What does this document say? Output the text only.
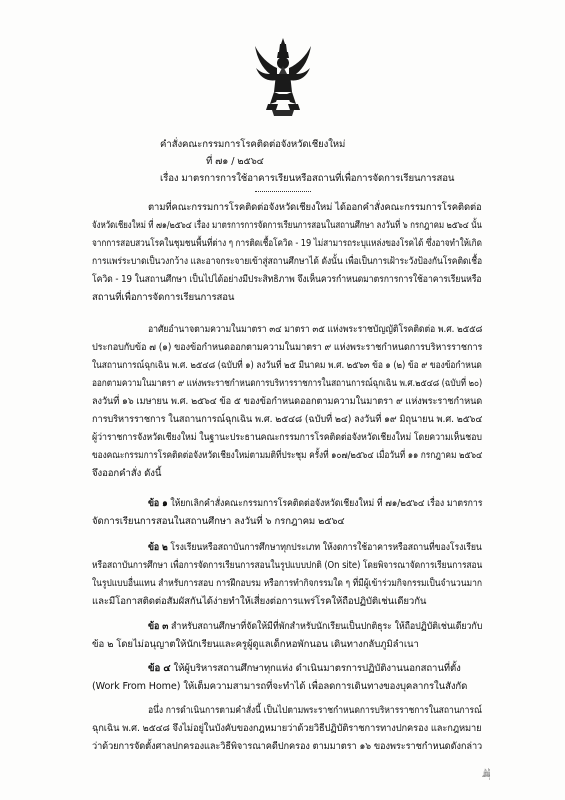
คำสั่งคณะกรรมการโรคติดต่อจังหวัดเชียงใหม่
ที่ ๗๑ / ๒๕๖๔
เรื่อง มาตรการการใช้อาคารเรียนหรือสถานที่เพื่อการจัดการเรียนการสอน
ตามที่คณะกรรมการโรคติดต่อจังหวัดเชียงใหม่ ได้ออกคำสั่งคณะกรรมการโรคติดต่อ
จังหวัดเชียงใหม่ ที่ ๗๑/๒๕๖๔ เรื่อง มาตรการการจัดการเรียนการสอนในสถานศึกษา ลงวันที่ ๖ กรกฎาคม ๒๕๖๔ นั้น
จากการสอบสวนโรคในชุมชนพื้นที่ต่าง ๆ การติดเชื้อโควิด - 19 ไม่สามารถระบุแหล่งของโรคได้ ซึ่งอาจทำให้เกิด
การแพร่ระบาดเป็นวงกว้าง และอาจกระจายเข้าสู่สถานศึกษาได้ ดังนั้น เพื่อเป็นการเฝ้าระวังป้องกันโรคติดเชื้อ
โควิด - 19 ในสถานศึกษา เป็นไปได้อย่างมีประสิทธิภาพ จึงเห็นควรกำหนดมาตรการการใช้อาคารเรียนหรือ
สถานที่เพื่อการจัดการเรียนการสอน
อาศัยอำนาจตามความในมาตรา ๓๔ มาตรา ๓๕ แห่งพระราชบัญญัติโรคติดต่อ พ.ศ. ๒๕๕๘
ประกอบกับข้อ ๗ (๑) ของข้อกำหนดออกตามความในมาตรา ๙ แห่งพระราชกำหนดการบริหารราชการ
ในสถานการณ์ฉุกเฉิน พ.ศ. ๒๕๔๘ (ฉบับที่ ๑) ลงวันที่ ๒๕ มีนาคม พ.ศ. ๒๕๖๓ ข้อ ๑ (๒) ข้อ ๙ ของข้อกำหนด
ออกตามความในมาตรา ๙ แห่งพระราชกำหนดการบริหารราชการในสถานการณ์ฉุกเฉิน พ.ศ.๒๕๔๘ (ฉบับที่ ๒๐)
ลงวันที่ ๑๖ เมษายน พ.ศ. ๒๕๖๔ ข้อ ๕ ของข้อกำหนดออกตามความในมาตรา ๙ แห่งพระราชกำหนด
การบริหารราชการ ในสถานการณ์ฉุกเฉิน พ.ศ. ๒๕๔๘ (ฉบับที่ ๒๔) ลงวันที่ ๑๙ มิถุนายน พ.ศ. ๒๕๖๔
ผู้ว่าราชการจังหวัดเชียงใหม่ ในฐานะประธานคณะกรรมการโรคติดต่อจังหวัดเชียงใหม่ โดยความเห็นชอบ
ของคณะกรรมการโรคติดต่อจังหวัดเชียงใหม่ตามมติที่ประชุม ครั้งที่ ๑๐๗/๒๕๖๔ เมื่อวันที่ ๑๑ กรกฎาคม ๒๕๖๔
จึงออกคำสั่ง ดังนี้
ข้อ ๑ ให้ยกเลิกคำสั่งคณะกรรมการโรคติดต่อจังหวัดเชียงใหม่ ที่ ๗๑/๒๕๖๔ เรื่อง มาตรการ
จัดการเรียนการสอนในสถานศึกษา ลงวันที่ ๖ กรกฎาคม ๒๕๖๔
ข้อ ๒ โรงเรียนหรือสถาบันการศึกษาทุกประเภท ให้งดการใช้อาคารหรือสถานที่ของโรงเรียน
หรือสถาบันการศึกษา เพื่อการจัดการเรียนการสอนในรูปแบบปกติ (On site) โดยพิจารณาจัดการเรียนการสอน
ในรูปแบบอื่นแทน สำหรับการสอบ การฝึกอบรม หรือการทำกิจกรรมใด ๆ ที่มีผู้เข้าร่วมกิจกรรมเป็นจำนวนมาก
และมีโอกาสติดต่อสัมผัสกันได้ง่ายทำให้เสี่ยงต่อการแพร่โรคให้ถือปฏิบัติเช่นเดียวกัน
ข้อ ๓ สำหรับสถานศึกษาที่จัดให้มีที่พักสำหรับนักเรียนเป็นปกติธุระ ให้ถือปฏิบัติเช่นเดียวกับ
ข้อ ๒ โดยไม่อนุญาตให้นักเรียนและครูผู้ดูแลเด็กหอพักนอน เดินทางกลับภูมิลำเนา
ข้อ ๔ ให้ผู้บริหารสถานศึกษาทุกแห่ง ดำเนินมาตรการปฏิบัติงานนอกสถานที่ตั้ง
(Work From Home) ให้เต็มความสามารถที่จะทำได้ เพื่อลดการเดินทางของบุคลากรในสังกัด
อนึ่ง การดำเนินการตามคำสั่งนี้ เป็นไปตามพระราชกำหนดการบริหารราชการในสถานการณ์
ฉุกเฉิน พ.ศ. ๒๕๔๘ จึงไม่อยู่ในบังคับของกฎหมายว่าด้วยวิธีปฏิบัติราชการทางปกครอง และกฎหมาย
ว่าด้วยการจัดตั้งศาลปกครองและวิธีพิจารณาคดีปกครอง ตามมาตรา ๑๖ ของพระราชกำหนดดังกล่าว
ผู้ใดฝ่าฝืน...
